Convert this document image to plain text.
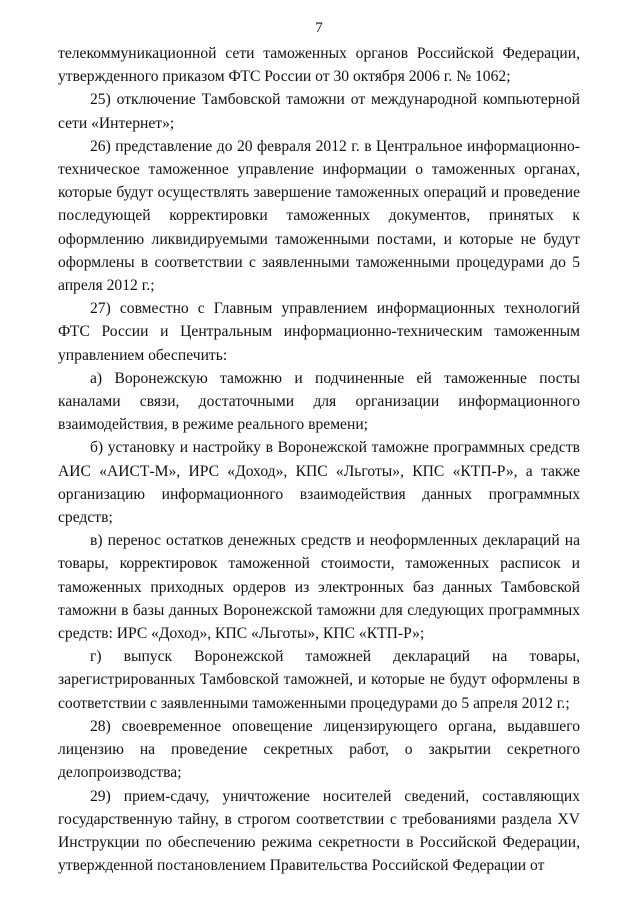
7

телекоммуникационной сети таможенных органов Российской Федерации, утвержденного приказом ФТС России от 30 октября 2006 г. № 1062;

25) отключение Тамбовской таможни от международной компьютерной сети «Интернет»;

26) представление до 20 февраля 2012 г. в Центральное информационно-техническое таможенное управление информации о таможенных органах, которые будут осуществлять завершение таможенных операций и проведение последующей корректировки таможенных документов, принятых к оформлению ликвидируемыми таможенными постами, и которые не будут оформлены в соответствии с заявленными таможенными процедурами до 5 апреля 2012 г.;

27) совместно с Главным управлением информационных технологий ФТС России и Центральным информационно-техническим таможенным управлением обеспечить:

а) Воронежскую таможню и подчиненные ей таможенные посты каналами связи, достаточными для организации информационного взаимодействия, в режиме реального времени;

б) установку и настройку в Воронежской таможне программных средств АИС «АИСТ-М», ИРС «Доход», КПС «Льготы», КПС «КТП-Р», а также организацию информационного взаимодействия данных программных средств;

в) перенос остатков денежных средств и неоформленных деклараций на товары, корректировок таможенной стоимости, таможенных расписок и таможенных приходных ордеров из электронных баз данных Тамбовской таможни в базы данных Воронежской таможни для следующих программных средств: ИРС «Доход», КПС «Льготы», КПС «КТП-Р»;

г) выпуск Воронежской таможней деклараций на товары, зарегистрированных Тамбовской таможней, и которые не будут оформлены в соответствии с заявленными таможенными процедурами до 5 апреля 2012 г.;

28) своевременное оповещение лицензирующего органа, выдавшего лицензию на проведение секретных работ, о закрытии секретного делопроизводства;

29) прием-сдачу, уничтожение носителей сведений, составляющих государственную тайну, в строгом соответствии с требованиями раздела XV Инструкции по обеспечению режима секретности в Российской Федерации, утвержденной постановлением Правительства Российской Федерации от
